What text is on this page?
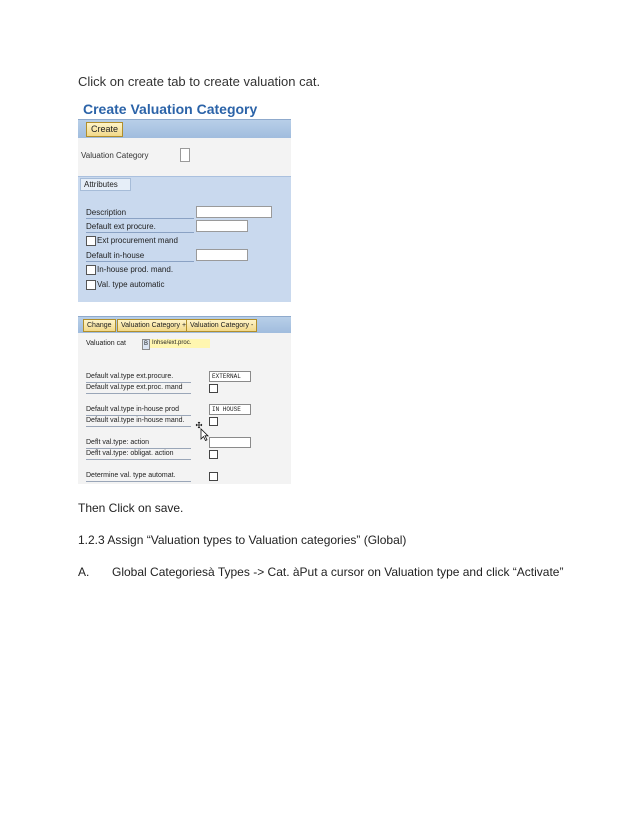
Click on create tab to create valuation cat.
Create Valuation Category
Create
Valuation Category
Attributes
Description
Default ext procure.
Ext procurement mand
Default in-house
In-house prod. mand.
Val. type automatic
Change	Valuation Category + Valuation Category -
Valuation cat	B Inhse/ext.proc.
Default val.type ext.procure.	EXTERNAL
Default val.type ext.proc. mand
Default val.type in-house prod	IN HOUSE
Default val.type in-house mand.
Deflt val.type: action
Deflt val.type: obligat. action
Determine val. type automat.
Then Click on save.
1.2.3 Assign “Valuation types to Valuation categories” (Global)
A. Global Categoriesà Types -> Cat. àPut a cursor on Valuation type and click “Activate”
